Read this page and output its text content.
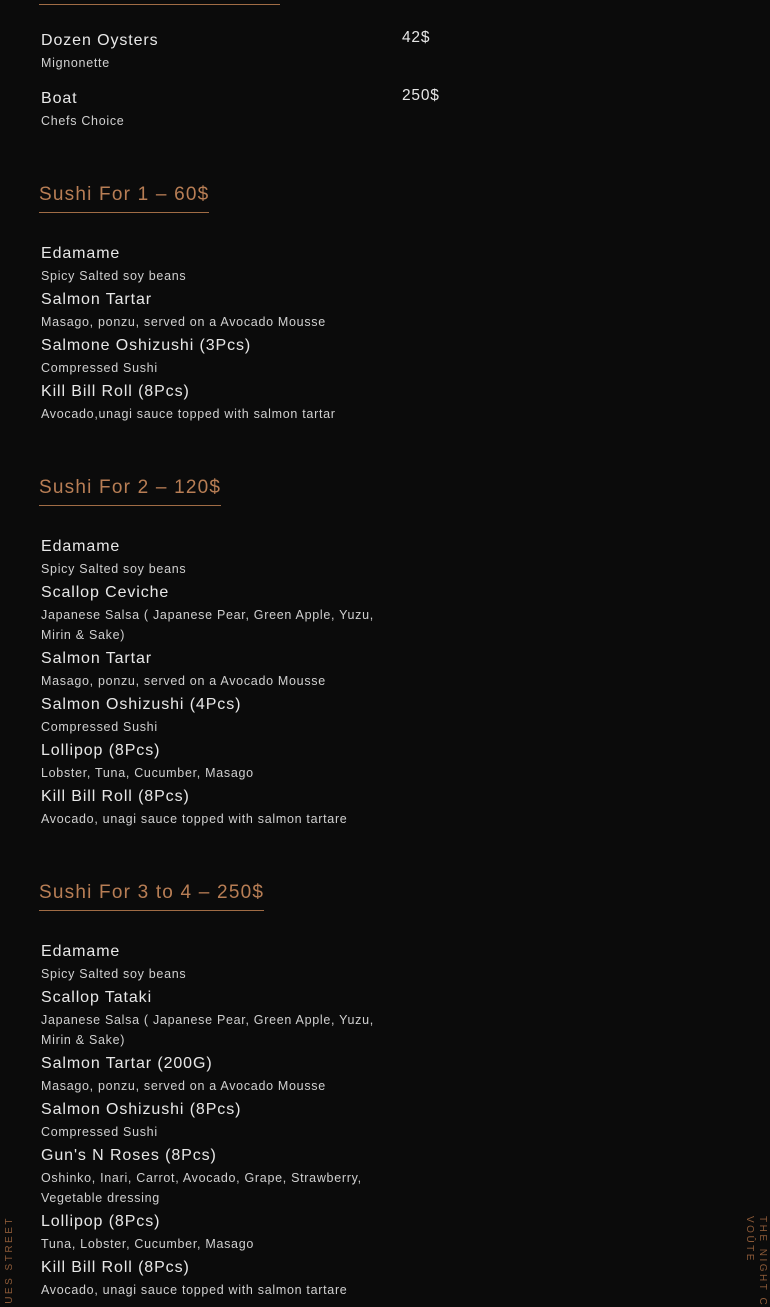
Dozen Oysters
Mignonette
42$
Boat
Chefs Choice
250$
Sushi For 1 – 60$
Edamame
Spicy Salted soy beans
Salmon Tartar
Masago, ponzu, served on a Avocado Mousse
Salmone Oshizushi (3Pcs)
Compressed Sushi
Kill Bill Roll (8Pcs)
Avocado,unagi sauce topped with salmon tartar
Sushi For 2 – 120$
Edamame
Spicy Salted soy beans
Scallop Ceviche
Japanese Salsa ( Japanese Pear, Green Apple, Yuzu, Mirin & Sake)
Salmon Tartar
Masago, ponzu, served on a Avocado Mousse
Salmon Oshizushi (4Pcs)
Compressed Sushi
Lollipop (8Pcs)
Lobster, Tuna, Cucumber, Masago
Kill Bill Roll (8Pcs)
Avocado, unagi sauce topped with salmon tartare
Sushi For 3 to 4 – 250$
Edamame
Spicy Salted soy beans
Scallop Tataki
Japanese Salsa ( Japanese Pear, Green Apple, Yuzu, Mirin & Sake)
Salmon Tartar (200G)
Masago, ponzu, served on a Avocado Mousse
Salmon Oshizushi (8Pcs)
Compressed Sushi
Gun's N Roses (8Pcs)
Oshinko, Inari, Carrot, Avocado, Grape, Strawberry, Vegetable dressing
Lollipop (8Pcs)
Tuna, Lobster, Cucumber, Masago
Kill Bill Roll (8Pcs)
Avocado, unagi sauce topped with salmon tartare
UES STREET	THE NIGHT C
VOÛTE
